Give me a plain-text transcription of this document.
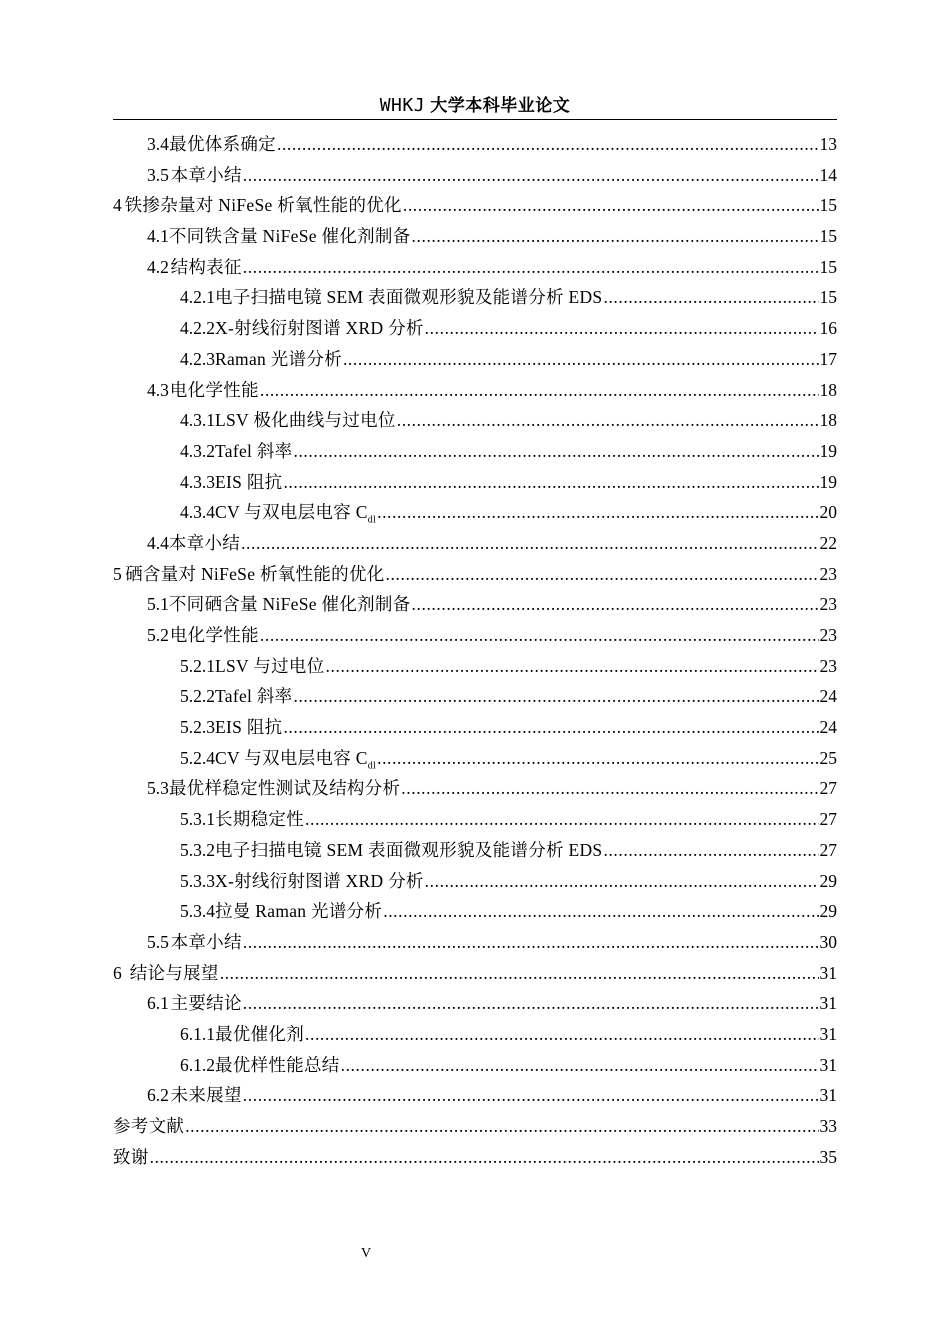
WHKJ 大学本科毕业论文
3.4 最优体系确定 .....	13
3.5 本章小结 .....	14
4 铁掺杂量对 NiFeSe 析氧性能的优化 .....	15
4.1 不同铁含量 NiFeSe 催化剂制备 .....	15
4.2 结构表征 .....	15
4.2.1 电子扫描电镜 SEM 表面微观形貌及能谱分析 EDS .....	15
4.2.2 X-射线衍射图谱 XRD 分析 .....	16
4.2.3 Raman 光谱分析 .....	17
4.3 电化学性能 .....	18
4.3.1 LSV 极化曲线与过电位 .....	18
4.3.2 Tafel 斜率 .....	19
4.3.3 EIS 阻抗 .....	19
4.3.4 CV 与双电层电容 $C_{dl}$ .....	20
4.4 本章小结 .....	22
5 硒含量对 NiFeSe 析氧性能的优化 .....	23
5.1 不同硒含量 NiFeSe 催化剂制备 .....	23
5.2 电化学性能 .....	23
5.2.1 LSV 与过电位 .....	23
5.2.2 Tafel 斜率 .....	24
5.2.3 EIS 阻抗 .....	24
5.2.4 CV 与双电层电容 $C_{dl}$ .....	25
5.3 最优样稳定性测试及结构分析 .....	27
5.3.1 长期稳定性 .....	27
5.3.2 电子扫描电镜 SEM 表面微观形貌及能谱分析 EDS .....	27
5.3.3 X-射线衍射图谱 XRD 分析 .....	29
5.3.4 拉曼 Raman 光谱分析 .....	29
5.5 本章小结 .....	30
6 结论与展望 .....	31
6.1 主要结论 .....	31
6.1.1 最优催化剂 .....	31
6.1.2 最优样性能总结 .....	31
6.2 未来展望 .....	31
参考文献 .....	33
致谢 .....	35
V
